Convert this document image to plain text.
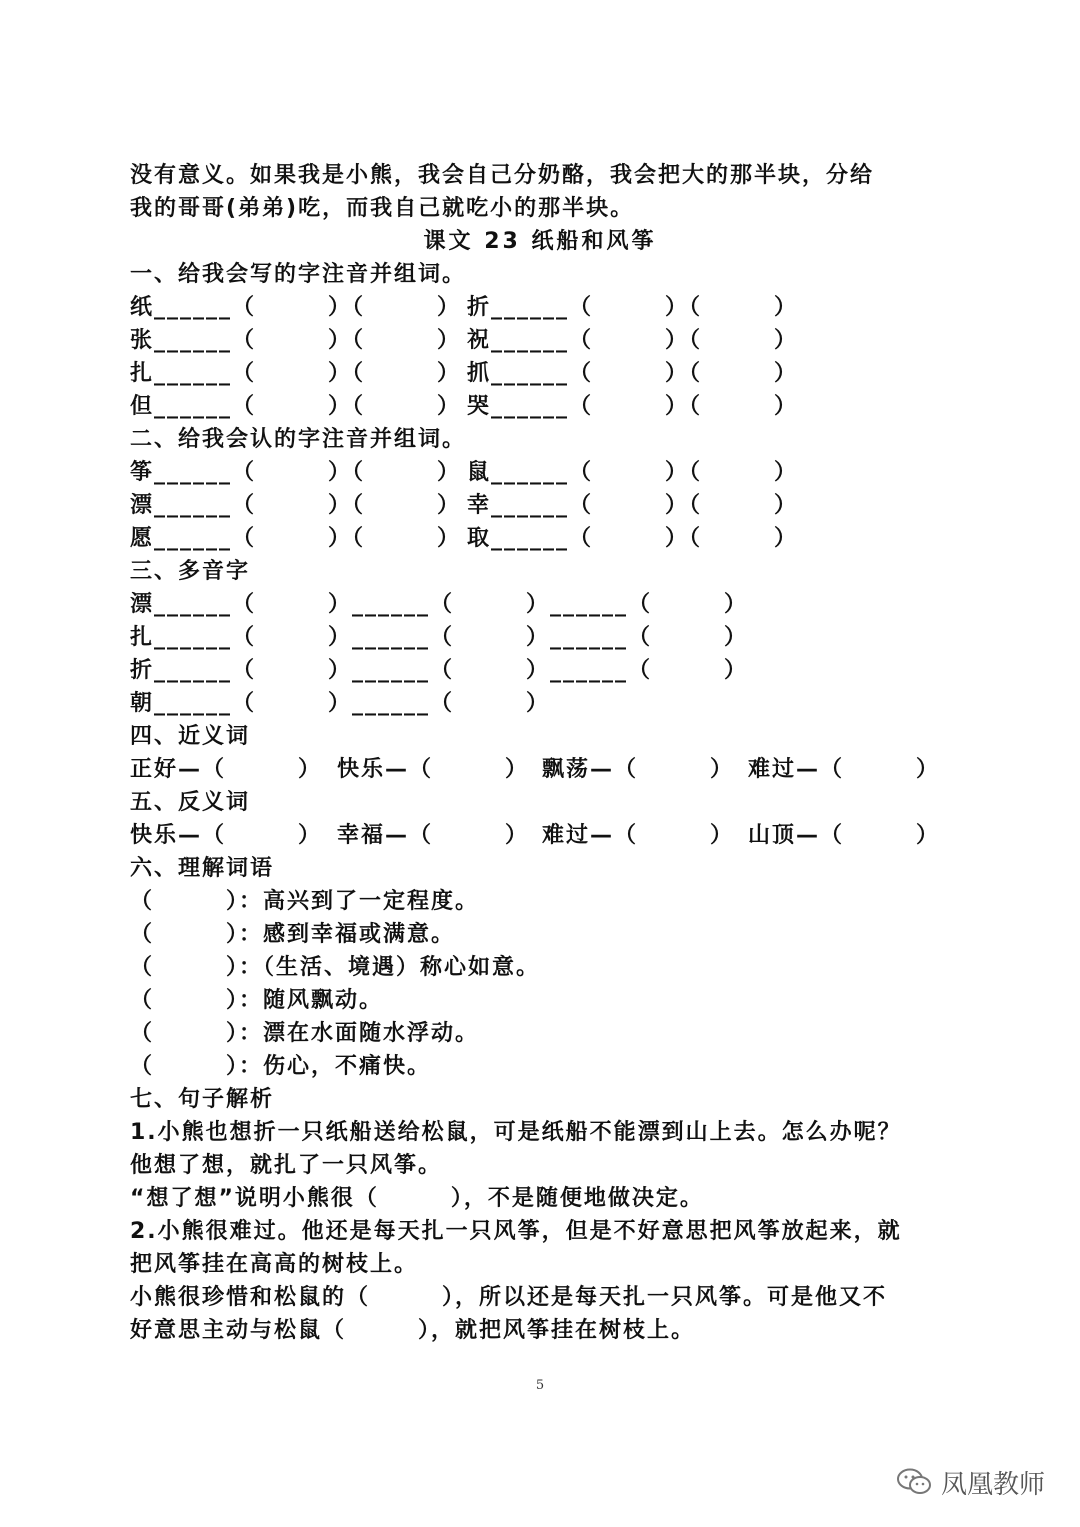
没有意义。如果我是小熊，我会自己分奶酪，我会把大的那半块，分给
我的哥哥(弟弟)吃，而我自己就吃小的那半块。
课文 23 纸船和风筝
一、给我会写的字注音并组词。

纸______（　　　）（　　　）

折______（　　　）（　　　）

张______（　　　）（　　　）

祝______（　　　）（　　　）

扎______（　　　）（　　　）

抓______（　　　）（　　　）

但______（　　　）（　　　）

哭______（　　　）（　　　）

二、给我会认的字注音并组词。

筝______（　　　）（　　　）

鼠______（　　　）（　　　）

漂______（　　　）（　　　）

幸______（　　　）（　　　）

愿______（　　　）（　　　）

取______（　　　）（　　　）

三、多音字
漂______（　　　）______（　　　）______（　　　）
扎______（　　　）______（　　　）______（　　　）
折______（　　　）______（　　　）______（　　　）
朝______（　　　）______（　　　）
四、近义词

正好—（　　　）

快乐—（　　　）

飘荡—（　　　）

难过—（　　　）

五、反义词

快乐—（　　　）

幸福—（　　　）

难过—（　　　）

山顶—（　　　）

六、理解词语
（　　　）：高兴到了一定程度。
（　　　）：感到幸福或满意。
（　　　）：（生活、境遇）称心如意。
（　　　）：随风飘动。
（　　　）：漂在水面随水浮动。
（　　　）：伤心，不痛快。
七、句子解析
1.小熊也想折一只纸船送给松鼠，可是纸船不能漂到山上去。怎么办呢？
他想了想，就扎了一只风筝。
“想了想”说明小熊很（　　　），不是随便地做决定。
2.小熊很难过。他还是每天扎一只风筝，但是不好意思把风筝放起来，就
把风筝挂在高高的树枝上。
小熊很珍惜和松鼠的（　　　），所以还是每天扎一只风筝。可是他又不
好意思主动与松鼠（　　　），就把风筝挂在树枝上。
5
凤凰教师
